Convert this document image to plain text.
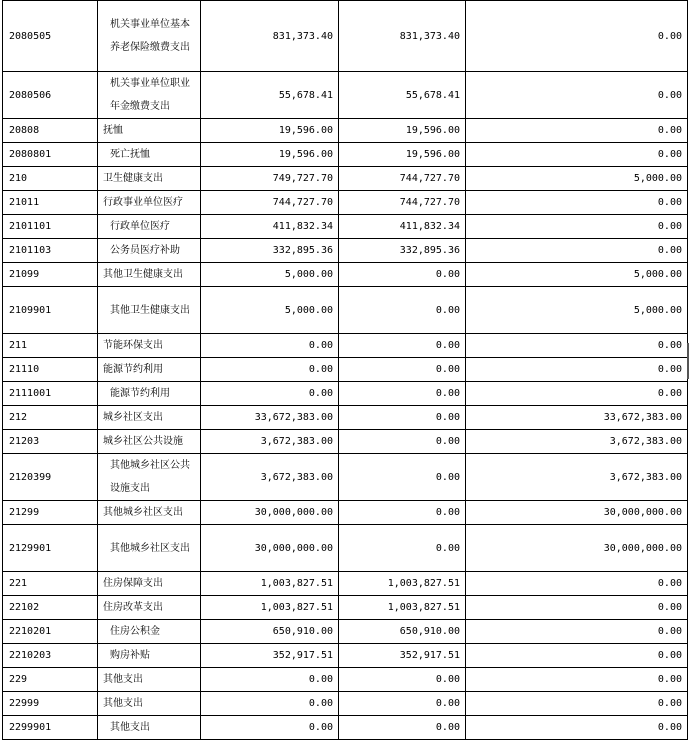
2080505	机关事业单位基本养老保险缴费支出	831,373.40	831,373.40	0.00
2080506	机关事业单位职业年金缴费支出	55,678.41	55,678.41	0.00
20808	抚恤	19,596.00	19,596.00	0.00
2080801	死亡抚恤	19,596.00	19,596.00	0.00
210	卫生健康支出	749,727.70	744,727.70	5,000.00
21011	行政事业单位医疗	744,727.70	744,727.70	0.00
2101101	行政单位医疗	411,832.34	411,832.34	0.00
2101103	公务员医疗补助	332,895.36	332,895.36	0.00
21099	其他卫生健康支出	5,000.00	0.00	5,000.00
2109901	其他卫生健康支出	5,000.00	0.00	5,000.00
211	节能环保支出	0.00	0.00	0.00
21110	能源节约利用	0.00	0.00	0.00
2111001	能源节约利用	0.00	0.00	0.00
212	城乡社区支出	33,672,383.00	0.00	33,672,383.00
21203	城乡社区公共设施	3,672,383.00	0.00	3,672,383.00
2120399	其他城乡社区公共设施支出	3,672,383.00	0.00	3,672,383.00
21299	其他城乡社区支出	30,000,000.00	0.00	30,000,000.00
2129901	其他城乡社区支出	30,000,000.00	0.00	30,000,000.00
221	住房保障支出	1,003,827.51	1,003,827.51	0.00
22102	住房改革支出	1,003,827.51	1,003,827.51	0.00
2210201	住房公积金	650,910.00	650,910.00	0.00
2210203	购房补贴	352,917.51	352,917.51	0.00
229	其他支出	0.00	0.00	0.00
22999	其他支出	0.00	0.00	0.00
2299901	其他支出	0.00	0.00	0.00
